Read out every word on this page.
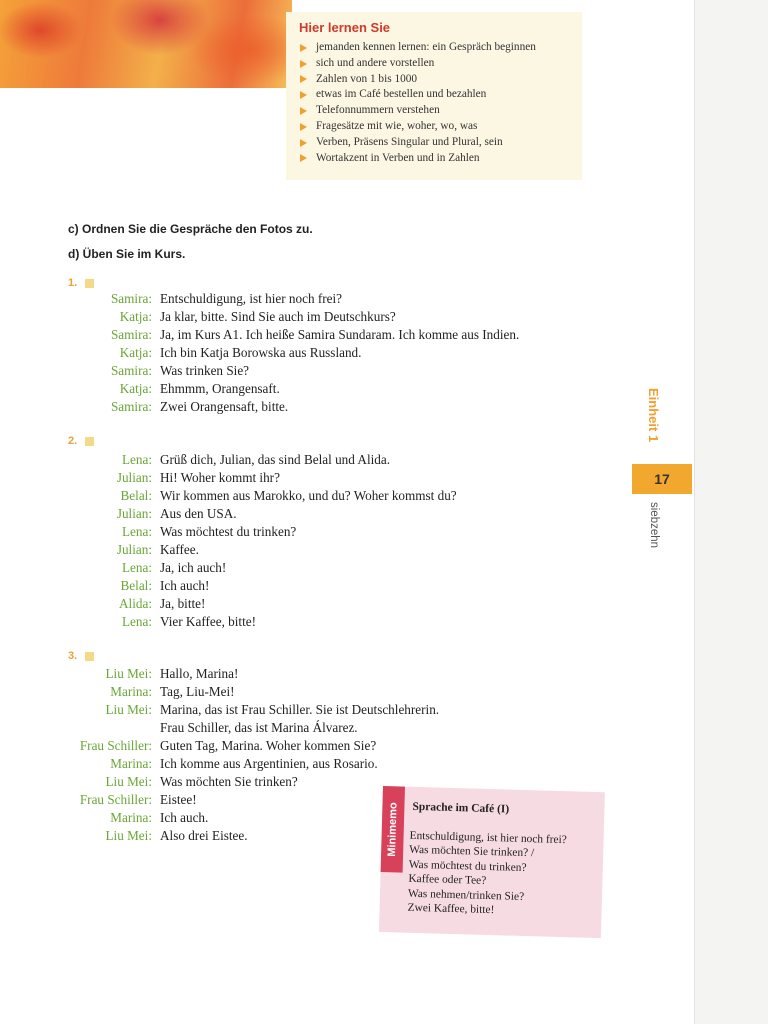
Hier lernen Sie
jemanden kennen lernen: ein Gespräch beginnen
sich und andere vorstellen
Zahlen von 1 bis 1000
etwas im Café bestellen und bezahlen
Telefonnummern verstehen
Fragesätze mit wie, woher, wo, was
Verben, Präsens Singular und Plural, sein
Wortakzent in Verben und in Zahlen
c) Ordnen Sie die Gespräche den Fotos zu.
d) Üben Sie im Kurs.
1.
Samira: Entschuldigung, ist hier noch frei?
Katja: Ja klar, bitte. Sind Sie auch im Deutschkurs?
Samira: Ja, im Kurs A1. Ich heiße Samira Sundaram. Ich komme aus Indien.
Katja: Ich bin Katja Borowska aus Russland.
Samira: Was trinken Sie?
Katja: Ehmmm, Orangensaft.
Samira: Zwei Orangensaft, bitte.
2.
Lena: Grüß dich, Julian, das sind Belal und Alida.
Julian: Hi! Woher kommt ihr?
Belal: Wir kommen aus Marokko, und du? Woher kommst du?
Julian: Aus den USA.
Lena: Was möchtest du trinken?
Julian: Kaffee.
Lena: Ja, ich auch!
Belal: Ich auch!
Alida: Ja, bitte!
Lena: Vier Kaffee, bitte!
3.
Liu Mei: Hallo, Marina!
Marina: Tag, Liu-Mei!
Liu Mei: Marina, das ist Frau Schiller. Sie ist Deutschlehrerin.
Frau Schiller, das ist Marina Álvarez.
Frau Schiller: Guten Tag, Marina. Woher kommen Sie?
Marina: Ich komme aus Argentinien, aus Rosario.
Liu Mei: Was möchten Sie trinken?
Frau Schiller: Eistee!
Marina: Ich auch.
Liu Mei: Also drei Eistee.
Einheit 1
17
siebzehn
Minimemo Sprache im Café (I)
Entschuldigung, ist hier noch frei?
Was möchten Sie trinken? /
Was möchtest du trinken?
Kaffee oder Tee?
Was nehmen/trinken Sie?
Zwei Kaffee, bitte!
